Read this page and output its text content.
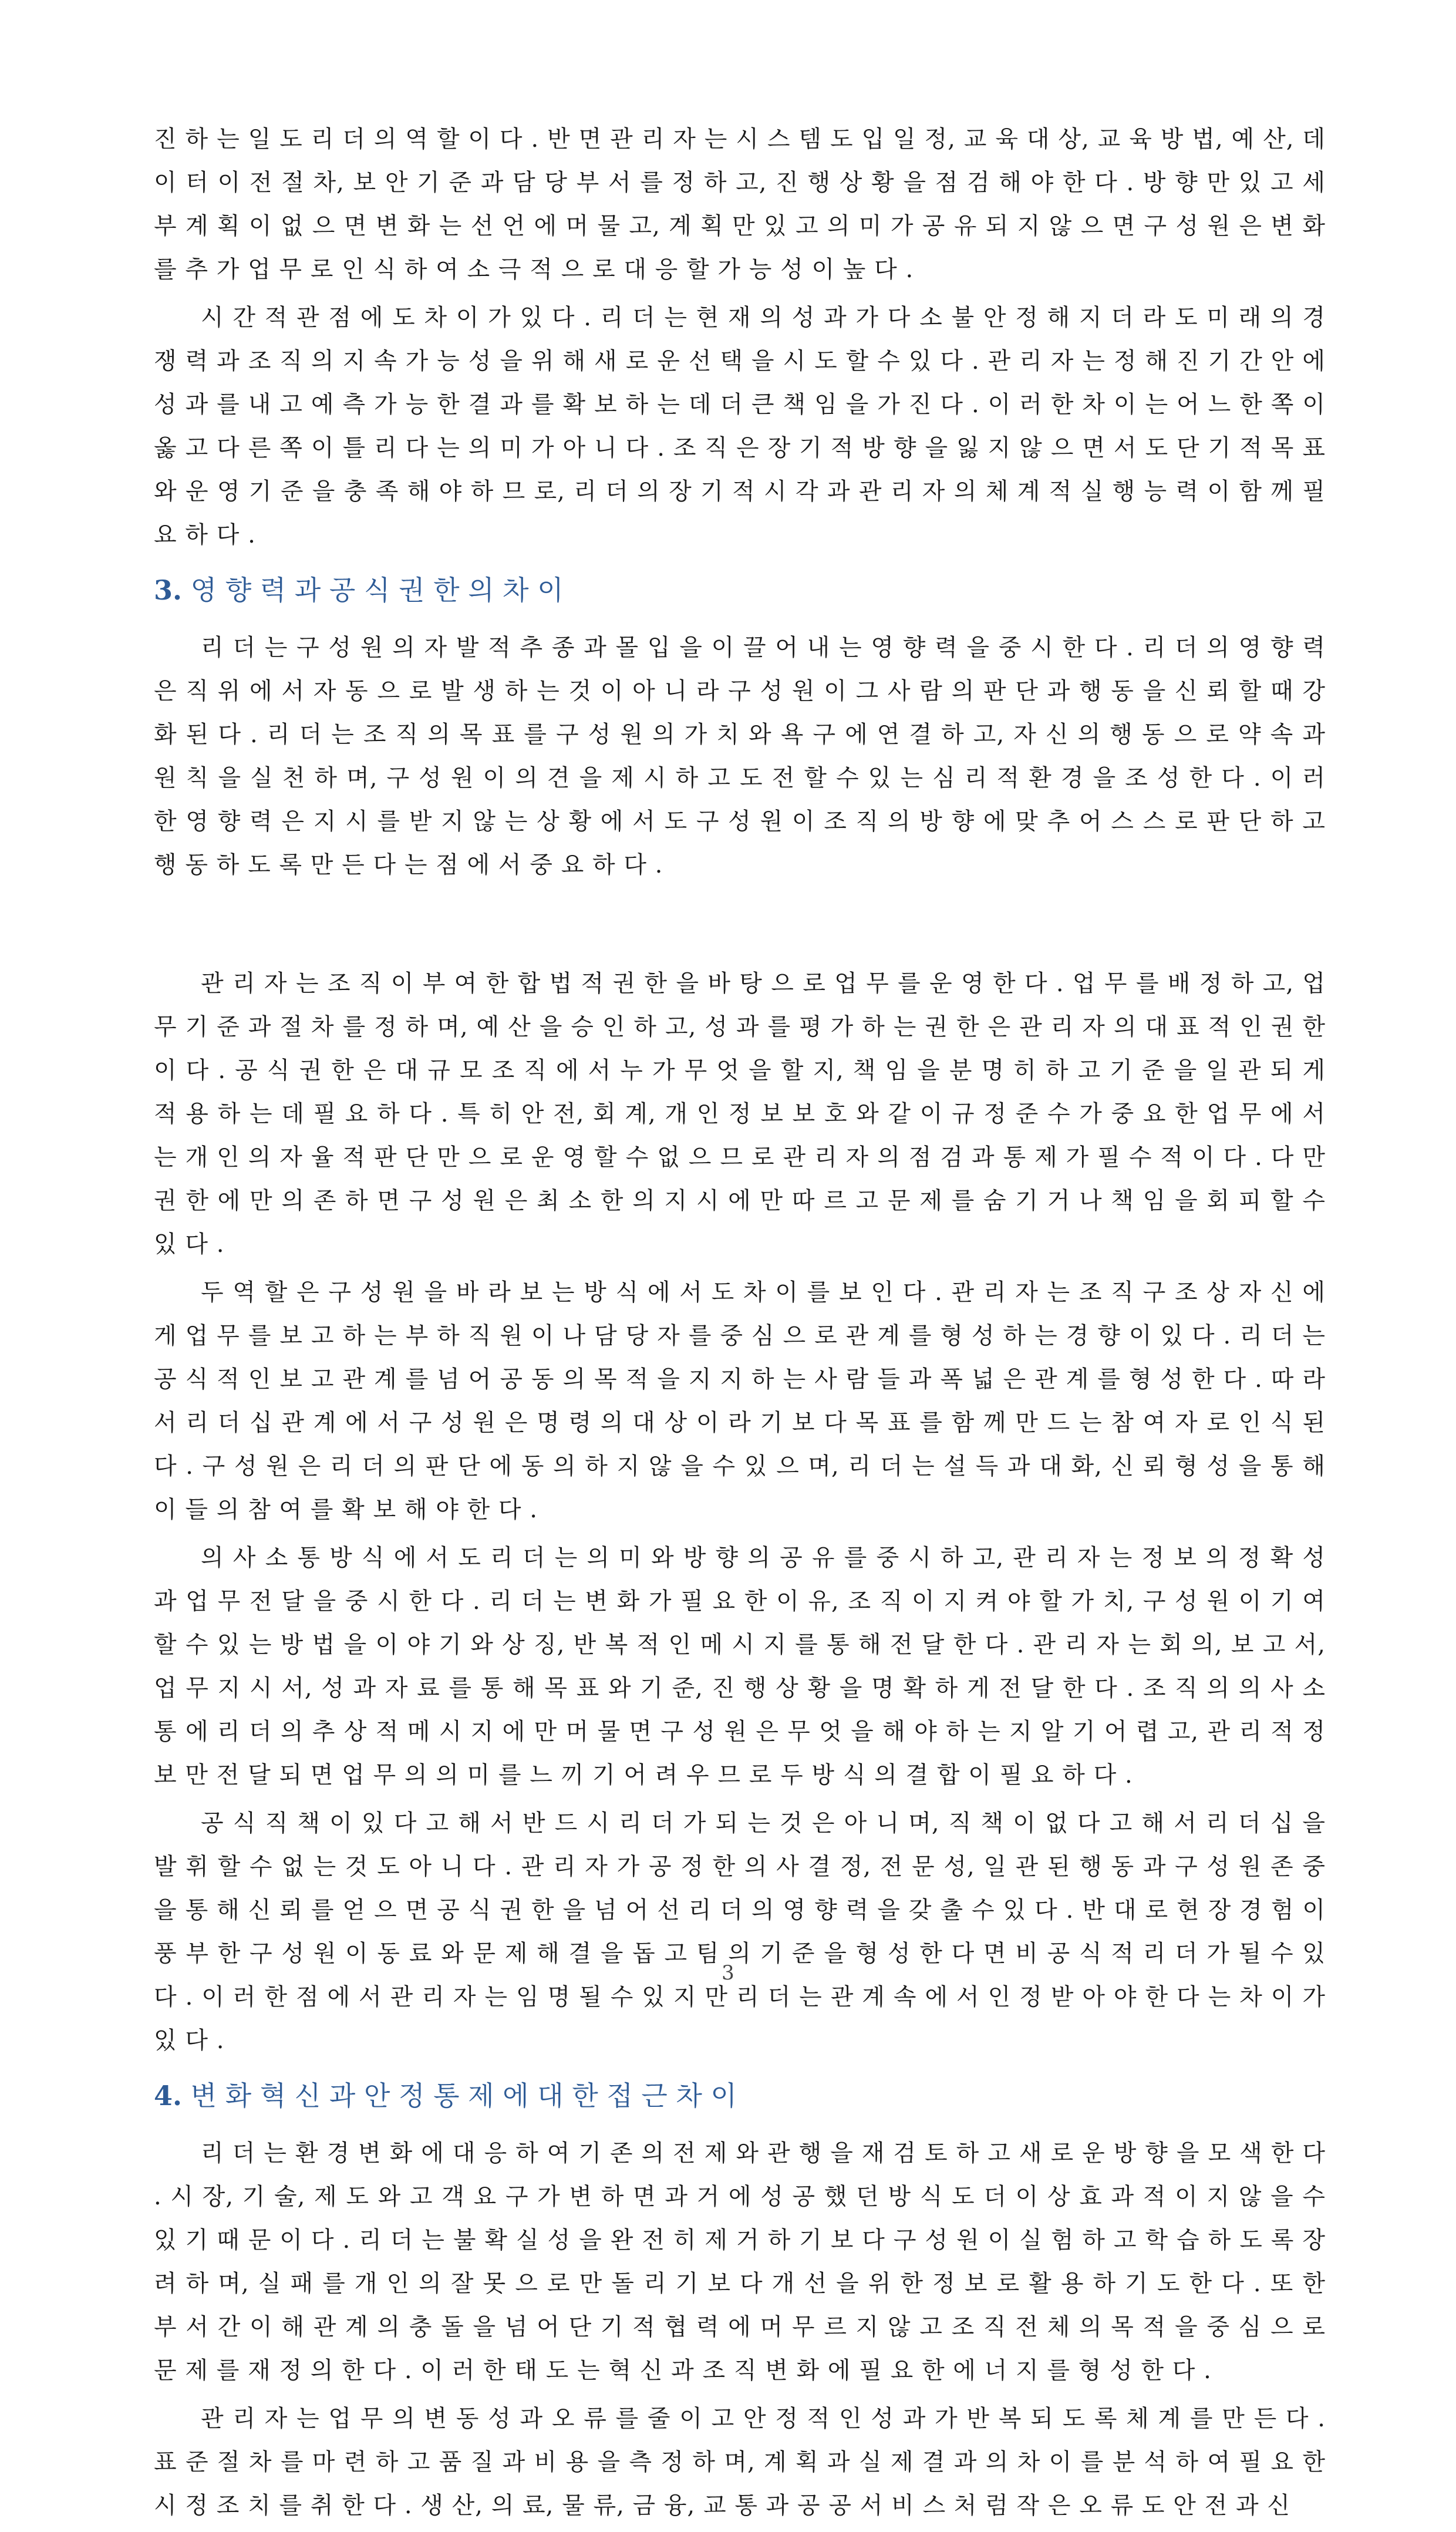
진 하 는 일 도 리 더 의 역 할 이 다 . 반 면 관 리 자 는 시 스 템 도 입 일 정, 교 육 대 상, 교 육 방 법, 예 산, 데 이 터 이 전 절 차, 보 안 기 준 과 담 당 부 서 를 정 하 고, 진 행 상 황 을 점 검 해 야 한 다 . 방 향 만 있 고 세 부 계 획 이 없 으 면 변 화 는 선 언 에 머 물 고, 계 획 만 있 고 의 미 가 공 유 되 지 않 으 면 구 성 원 은 변 화 를 추 가 업 무 로 인 식 하 여 소 극 적 으 로 대 응 할 가 능 성 이 높 다 .

시 간 적 관 점 에 도 차 이 가 있 다 . 리 더 는 현 재 의 성 과 가 다 소 불 안 정 해 지 더 라 도 미 래 의 경 쟁 력 과 조 직 의 지 속 가 능 성 을 위 해 새 로 운 선 택 을 시 도 할 수 있 다 . 관 리 자 는 정 해 진 기 간 안 에 성 과 를 내 고 예 측 가 능 한 결 과 를 확 보 하 는 데 더 큰 책 임 을 가 진 다 . 이 러 한 차 이 는 어 느 한 쪽 이 옳 고 다 른 쪽 이 틀 리 다 는 의 미 가 아 니 다 . 조 직 은 장 기 적 방 향 을 잃 지 않 으 면 서 도 단 기 적 목 표 와 운 영 기 준 을 충 족 해 야 하 므 로, 리 더 의 장 기 적 시 각 과 관 리 자 의 체 계 적 실 행 능 력 이 함 께 필 요 하 다 .

3. 영 향 력 과 공 식 권 한 의 차 이

리 더 는 구 성 원 의 자 발 적 추 종 과 몰 입 을 이 끌 어 내 는 영 향 력 을 중 시 한 다 . 리 더 의 영 향 력 은 직 위 에 서 자 동 으 로 발 생 하 는 것 이 아 니 라 구 성 원 이 그 사 람 의 판 단 과 행 동 을 신 뢰 할 때 강 화 된 다 . 리 더 는 조 직 의 목 표 를 구 성 원 의 가 치 와 욕 구 에 연 결 하 고, 자 신 의 행 동 으 로 약 속 과 원 칙 을 실 천 하 며, 구 성 원 이 의 견 을 제 시 하 고 도 전 할 수 있 는 심 리 적 환 경 을 조 성 한 다 . 이 러 한 영 향 력 은 지 시 를 받 지 않 는 상 황 에 서 도 구 성 원 이 조 직 의 방 향 에 맞 추 어 스 스 로 판 단 하 고 행 동 하 도 록 만 든 다 는 점 에 서 중 요 하 다 .

관 리 자 는 조 직 이 부 여 한 합 법 적 권 한 을 바 탕 으 로 업 무 를 운 영 한 다 . 업 무 를 배 정 하 고, 업 무 기 준 과 절 차 를 정 하 며, 예 산 을 승 인 하 고, 성 과 를 평 가 하 는 권 한 은 관 리 자 의 대 표 적 인 권 한 이 다 . 공 식 권 한 은 대 규 모 조 직 에 서 누 가 무 엇 을 할 지, 책 임 을 분 명 히 하 고 기 준 을 일 관 되 게 적 용 하 는 데 필 요 하 다 . 특 히 안 전, 회 계, 개 인 정 보 보 호 와 같 이 규 정 준 수 가 중 요 한 업 무 에 서 는 개 인 의 자 율 적 판 단 만 으 로 운 영 할 수 없 으 므 로 관 리 자 의 점 검 과 통 제 가 필 수 적 이 다 . 다 만 권 한 에 만 의 존 하 면 구 성 원 은 최 소 한 의 지 시 에 만 따 르 고 문 제 를 숨 기 거 나 책 임 을 회 피 할 수 있 다 .

두 역 할 은 구 성 원 을 바 라 보 는 방 식 에 서 도 차 이 를 보 인 다 . 관 리 자 는 조 직 구 조 상 자 신 에 게 업 무 를 보 고 하 는 부 하 직 원 이 나 담 당 자 를 중 심 으 로 관 계 를 형 성 하 는 경 향 이 있 다 . 리 더 는 공 식 적 인 보 고 관 계 를 넘 어 공 동 의 목 적 을 지 지 하 는 사 람 들 과 폭 넓 은 관 계 를 형 성 한 다 . 따 라 서 리 더 십 관 계 에 서 구 성 원 은 명 령 의 대 상 이 라 기 보 다 목 표 를 함 께 만 드 는 참 여 자 로 인 식 된 다 . 구 성 원 은 리 더 의 판 단 에 동 의 하 지 않 을 수 있 으 며, 리 더 는 설 득 과 대 화, 신 뢰 형 성 을 통 해 이 들 의 참 여 를 확 보 해 야 한 다 .

의 사 소 통 방 식 에 서 도 리 더 는 의 미 와 방 향 의 공 유 를 중 시 하 고, 관 리 자 는 정 보 의 정 확 성 과 업 무 전 달 을 중 시 한 다 . 리 더 는 변 화 가 필 요 한 이 유, 조 직 이 지 켜 야 할 가 치, 구 성 원 이 기 여 할 수 있 는 방 법 을 이 야 기 와 상 징, 반 복 적 인 메 시 지 를 통 해 전 달 한 다 . 관 리 자 는 회 의, 보 고 서, 업 무 지 시 서, 성 과 자 료 를 통 해 목 표 와 기 준, 진 행 상 황 을 명 확 하 게 전 달 한 다 . 조 직 의 의 사 소 통 에 리 더 의 추 상 적 메 시 지 에 만 머 물 면 구 성 원 은 무 엇 을 해 야 하 는 지 알 기 어 렵 고, 관 리 적 정 보 만 전 달 되 면 업 무 의 의 미 를 느 끼 기 어 려 우 므 로 두 방 식 의 결 합 이 필 요 하 다 .

공 식 직 책 이 있 다 고 해 서 반 드 시 리 더 가 되 는 것 은 아 니 며, 직 책 이 없 다 고 해 서 리 더 십 을 발 휘 할 수 없 는 것 도 아 니 다 . 관 리 자 가 공 정 한 의 사 결 정, 전 문 성, 일 관 된 행 동 과 구 성 원 존 중 을 통 해 신 뢰 를 얻 으 면 공 식 권 한 을 넘 어 선 리 더 의 영 향 력 을 갖 출 수 있 다 . 반 대 로 현 장 경 험 이 풍 부 한 구 성 원 이 동 료 와 문 제 해 결 을 돕 고 팀 의 기 준 을 형 성 한 다 면 비 공 식 적 리 더 가 될 수 있 다 . 이 러 한 점 에 서 관 리 자 는 임 명 될 수 있 지 만 리 더 는 관 계 속 에 서 인 정 받 아 야 한 다 는 차 이 가 있 다 .

4. 변 화 혁 신 과 안 정 통 제 에 대 한 접 근 차 이

리 더 는 환 경 변 화 에 대 응 하 여 기 존 의 전 제 와 관 행 을 재 검 토 하 고 새 로 운 방 향 을 모 색 한 다 . 시 장, 기 술, 제 도 와 고 객 요 구 가 변 하 면 과 거 에 성 공 했 던 방 식 도 더 이 상 효 과 적 이 지 않 을 수 있 기 때 문 이 다 . 리 더 는 불 확 실 성 을 완 전 히 제 거 하 기 보 다 구 성 원 이 실 험 하 고 학 습 하 도 록 장 려 하 며, 실 패 를 개 인 의 잘 못 으 로 만 돌 리 기 보 다 개 선 을 위 한 정 보 로 활 용 하 기 도 한 다 . 또 한 부 서 간 이 해 관 계 의 충 돌 을 넘 어 단 기 적 협 력 에 머 무 르 지 않 고 조 직 전 체 의 목 적 을 중 심 으 로 문 제 를 재 정 의 한 다 . 이 러 한 태 도 는 혁 신 과 조 직 변 화 에 필 요 한 에 너 지 를 형 성 한 다 .

관 리 자 는 업 무 의 변 동 성 과 오 류 를 줄 이 고 안 정 적 인 성 과 가 반 복 되 도 록 체 계 를 만 든 다 . 표 준 절 차 를 마 련 하 고 품 질 과 비 용 을 측 정 하 며, 계 획 과 실 제 결 과 의 차 이 를 분 석 하 여 필 요 한 시 정 조 치 를 취 한 다 . 생 산, 의 료, 물 류, 금 융, 교 통 과 공 공 서 비 스 처 럼 작 은 오 류 도 안 전 과 신

3
